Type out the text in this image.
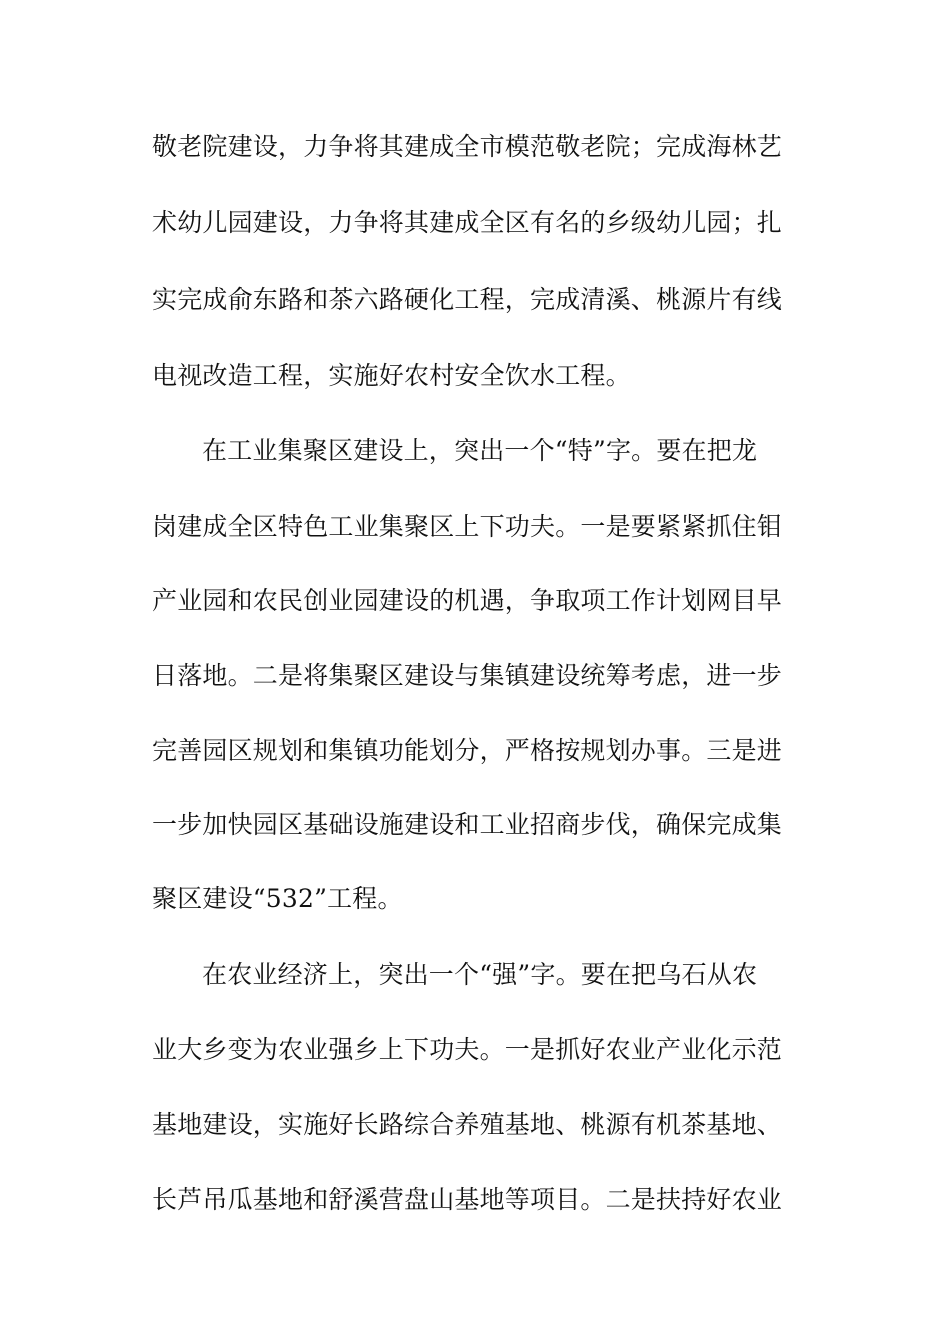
敬老院建设，力争将其建成全市模范敬老院；完成海林艺
术幼儿园建设，力争将其建成全区有名的乡级幼儿园；扎
实完成俞东路和茶六路硬化工程，完成清溪、桃源片有线
电视改造工程，实施好农村安全饮水工程。
在工业集聚区建设上，突出一个“特”字。要在把龙
岗建成全区特色工业集聚区上下功夫。一是要紧紧抓住钼
产业园和农民创业园建设的机遇，争取项工作计划网目早
日落地。二是将集聚区建设与集镇建设统筹考虑，进一步
完善园区规划和集镇功能划分，严格按规划办事。三是进
一步加快园区基础设施建设和工业招商步伐，确保完成集
聚区建设“532”工程。
在农业经济上，突出一个“强”字。要在把乌石从农
业大乡变为农业强乡上下功夫。一是抓好农业产业化示范
基地建设，实施好长路综合养殖基地、桃源有机茶基地、
长芦吊瓜基地和舒溪营盘山基地等项目。二是扶持好农业
